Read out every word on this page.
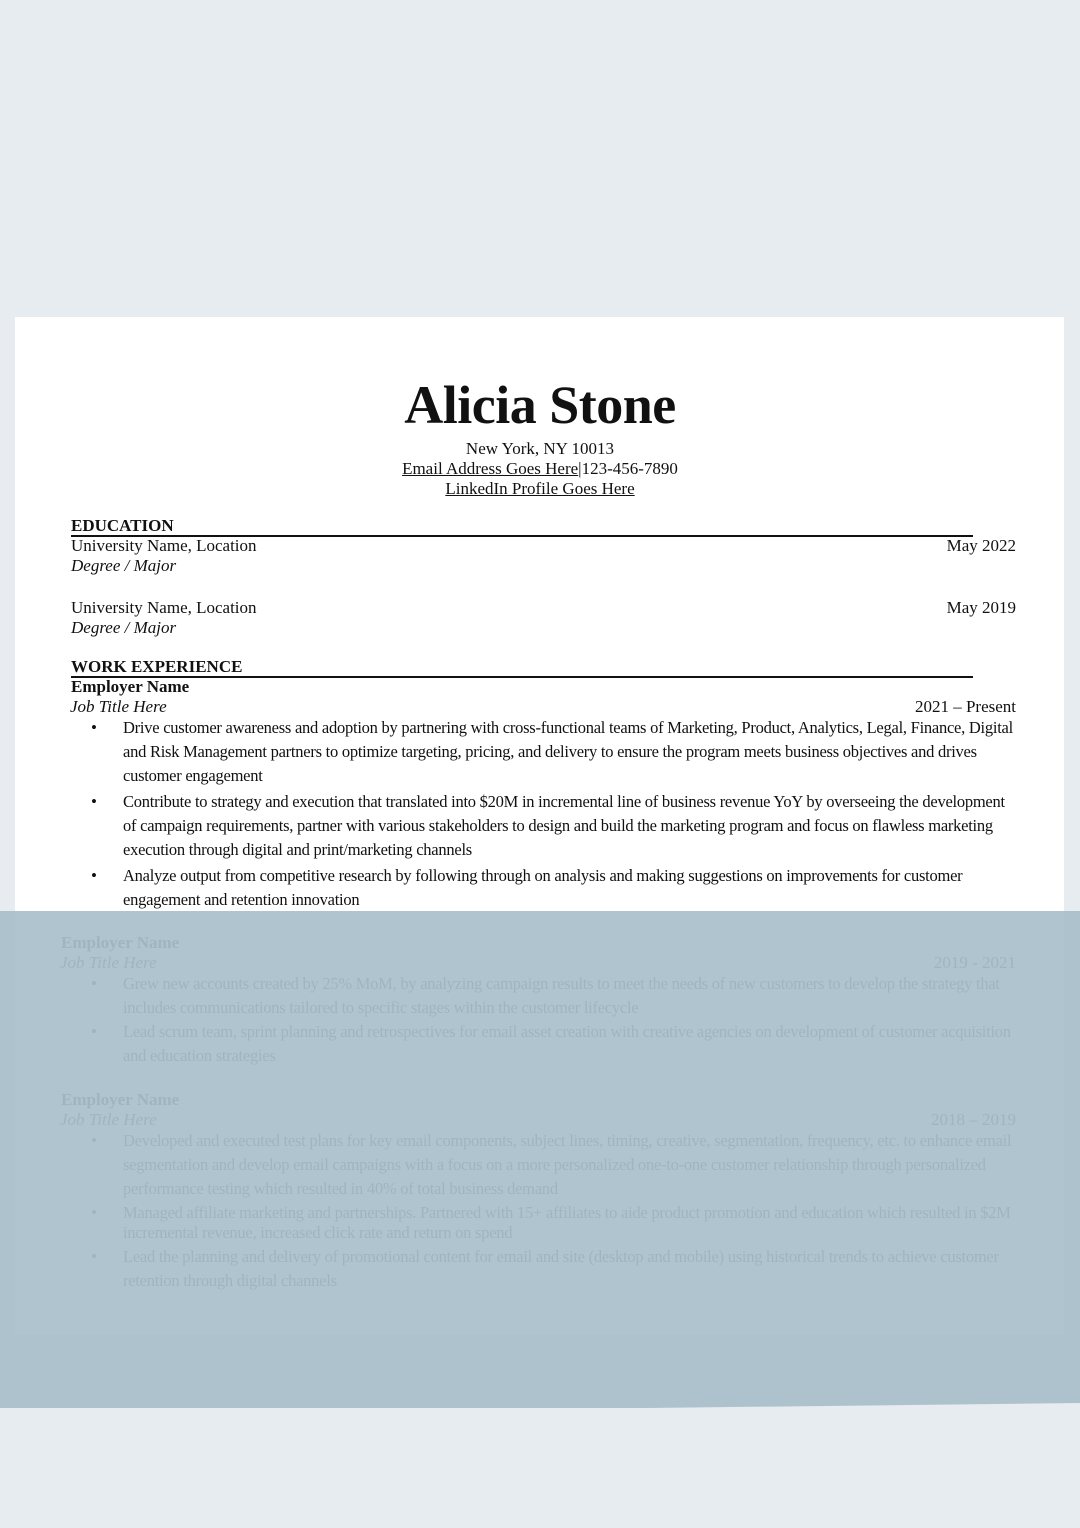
Alicia Stone
New York, NY 10013
Email Address Goes Here|123-456-7890
LinkedIn Profile Goes Here
EDUCATION
University Name, Location	May 2022
Degree / Major
University Name, Location	May 2019
Degree / Major
WORK EXPERIENCE
Employer Name
Job Title Here	2021 – Present
• Drive customer awareness and adoption by partnering with cross-functional teams of Marketing, Product, Analytics, Legal, Finance, Digital and Risk Management partners to optimize targeting, pricing, and delivery to ensure the program meets business objectives and drives customer engagement
• Contribute to strategy and execution that translated into $20M in incremental line of business revenue YoY by overseeing the development of campaign requirements, partner with various stakeholders to design and build the marketing program and focus on flawless marketing execution through digital and print/marketing channels
• Analyze output from competitive research by following through on analysis and making suggestions on improvements for customer engagement and retention innovation
•
•
•
•
•
